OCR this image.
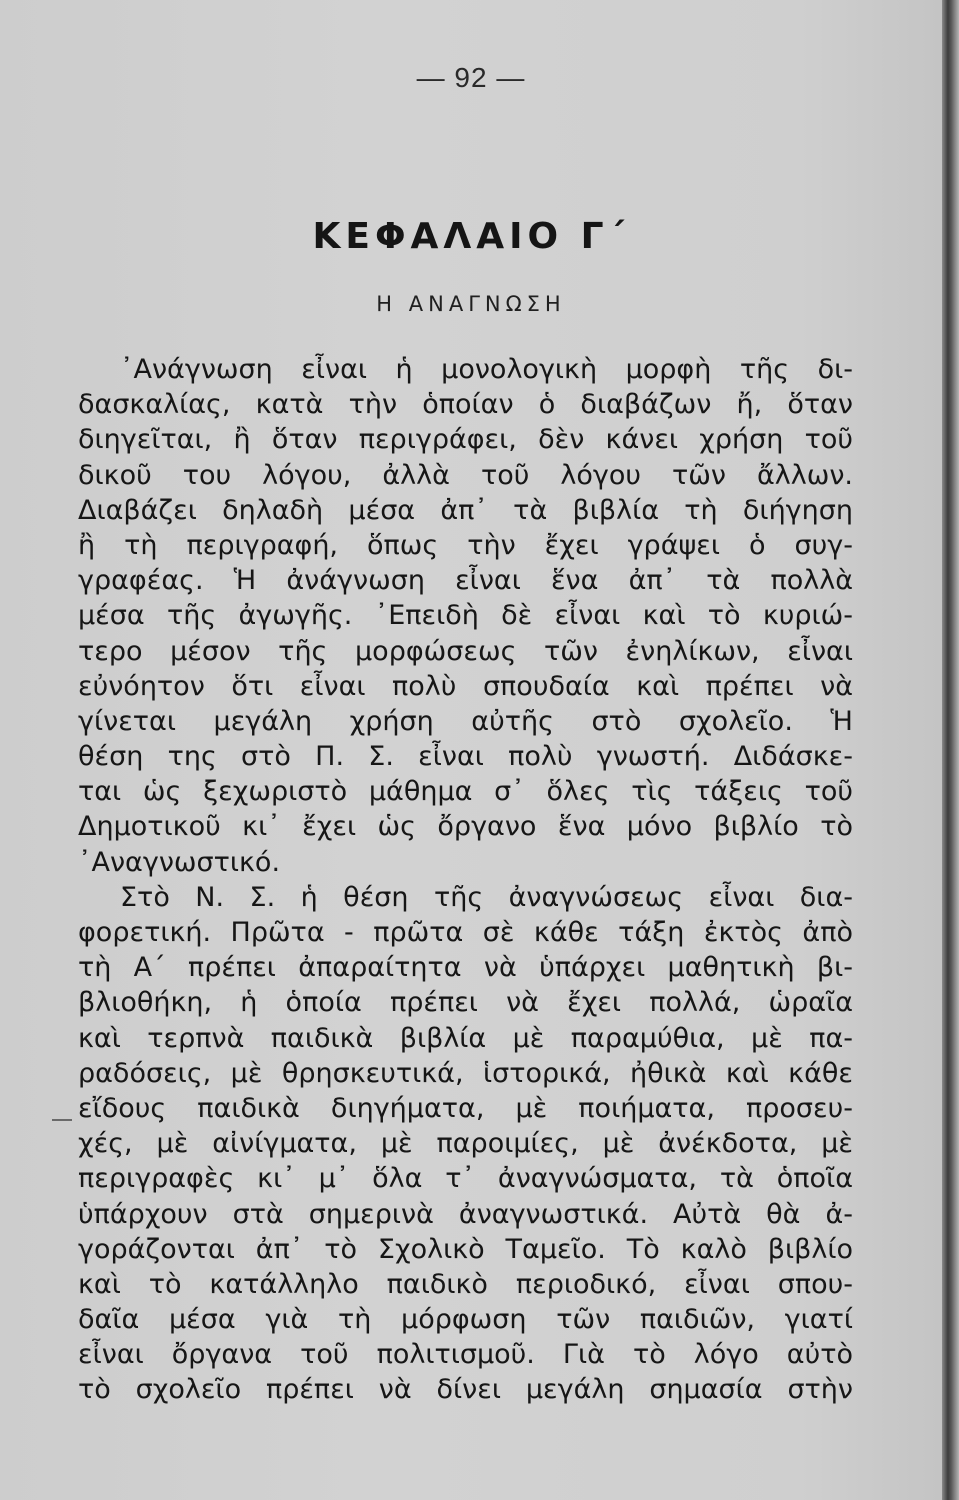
— 92 —
ΚΕΦΑΛΑΙΟ Γ΄
Η ΑΝΑΓΝΩΣΗ
᾿Ανάγνωση εἶναι ἡ μονολογικὴ μορφὴ τῆς δι-
δασκαλίας, κατὰ τὴν ὁποίαν ὁ διαβάζων ἤ, ὅταν
διηγεῖται, ἢ ὅταν περιγράφει, δὲν κάνει χρήση τοῦ
δικοῦ του λόγου, ἀλλὰ τοῦ λόγου τῶν ἄλλων.
Διαβάζει δηλαδὴ μέσα ἀπ᾿ τὰ βιβλία τὴ διήγηση
ἢ τὴ περιγραφή, ὅπως τὴν ἔχει γράψει ὁ συγ-
γραφέας. Ἡ ἀνάγνωση εἶναι ἕνα ἀπ᾿ τὰ πολλὰ
μέσα τῆς ἀγωγῆς. ᾿Επειδὴ δὲ εἶναι καὶ τὸ κυριώ-
τερο μέσον τῆς μορφώσεως τῶν ἐνηλίκων, εἶναι
εὐνόητον ὅτι εἶναι πολὺ σπουδαία καὶ πρέπει νὰ
γίνεται μεγάλη χρήση αὐτῆς στὸ σχολεῖο. Ἡ
θέση της στὸ Π. Σ. εἶναι πολὺ γνωστή. Διδάσκε-
ται ὡς ξεχωριστὸ μάθημα σ᾿ ὅλες τὶς τάξεις τοῦ
Δημοτικοῦ κι᾿ ἔχει ὡς ὄργανο ἕνα μόνο βιβλίο τὸ
᾿Αναγνωστικό.
Στὸ Ν. Σ. ἡ θέση τῆς ἀναγνώσεως εἶναι δια-
φορετική. Πρῶτα - πρῶτα σὲ κάθε τάξη ἐκτὸς ἀπὸ
τὴ Α΄ πρέπει ἀπαραίτητα νὰ ὑπάρχει μαθητικὴ βι-
βλιοθήκη, ἡ ὁποία πρέπει νὰ ἔχει πολλά, ὡραῖα
καὶ τερπνὰ παιδικὰ βιβλία μὲ παραμύθια, μὲ πα-
ραδόσεις, μὲ θρησκευτικά, ἱστορικά, ἠθικὰ καὶ κάθε
εἴδους παιδικὰ διηγήματα, μὲ ποιήματα, προσευ-
χές, μὲ αἰνίγματα, μὲ παροιμίες, μὲ ἀνέκδοτα, μὲ
περιγραφὲς κι᾿ μ᾿ ὅλα τ᾿ ἀναγνώσματα, τὰ ὁποῖα
ὑπάρχουν στὰ σημερινὰ ἀναγνωστικά. Αὐτὰ θὰ ἀ-
γοράζονται ἀπ᾿ τὸ Σχολικὸ Ταμεῖο. Τὸ καλὸ βιβλίο
καὶ τὸ κατάλληλο παιδικὸ περιοδικό, εἶναι σπου-
δαῖα μέσα γιὰ τὴ μόρφωση τῶν παιδιῶν, γιατί
εἶναι ὄργανα τοῦ πολιτισμοῦ. Γιὰ τὸ λόγο αὐτὸ
τὸ σχολεῖο πρέπει νὰ δίνει μεγάλη σημασία στὴν
